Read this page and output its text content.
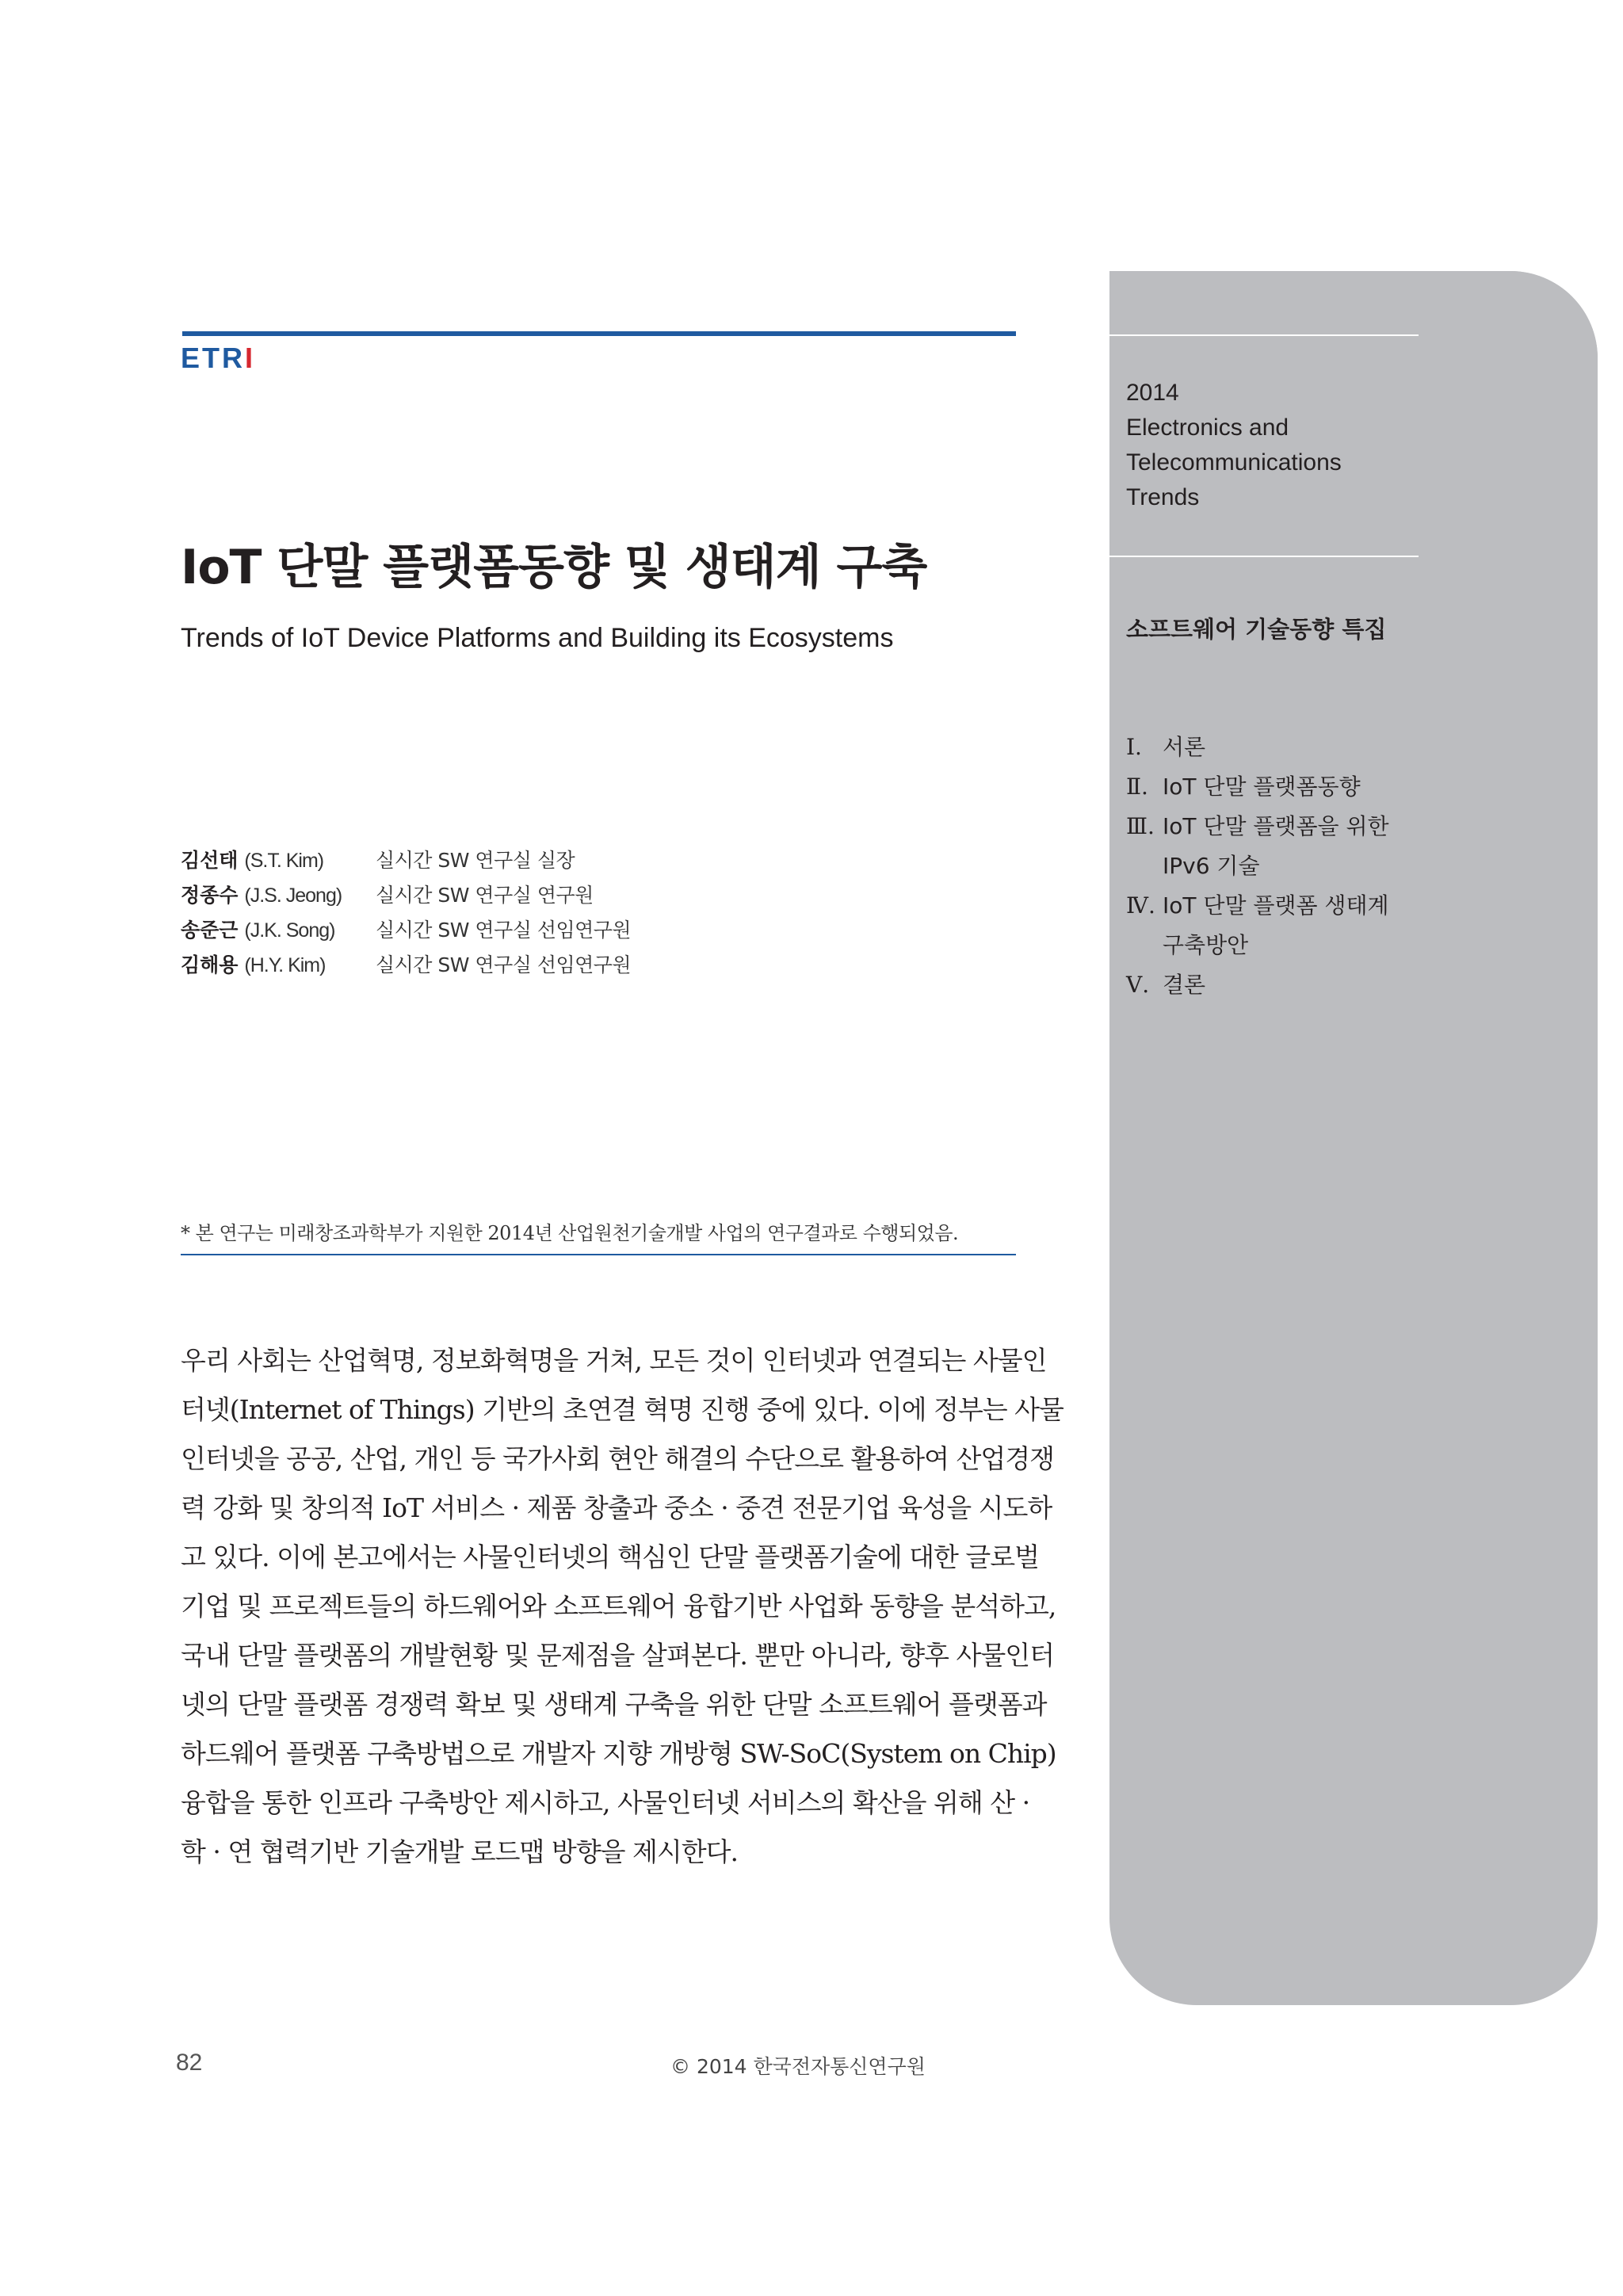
2014
Electronics and
Telecommunications
Trends
소프트웨어 기술동향 특집
Ⅰ. 서론
Ⅱ. IoT 단말 플랫폼동향
Ⅲ. IoT 단말 플랫폼을 위한
IPv6 기술
Ⅳ. IoT 단말 플랫폼 생태계
구축방안
Ⅴ. 결론
ETRI
IoT 단말 플랫폼동향 및 생태계 구축
Trends of IoT Device Platforms and Building its Ecosystems
김선태 (S.T. Kim)	실시간 SW 연구실 실장
정종수 (J.S. Jeong)	실시간 SW 연구실 연구원
송준근 (J.K. Song)	실시간 SW 연구실 선임연구원
김해용 (H.Y. Kim)	실시간 SW 연구실 선임연구원
* 본 연구는 미래창조과학부가 지원한 2014년 산업원천기술개발 사업의 연구결과로 수행되었음.
우리 사회는 산업혁명, 정보화혁명을 거쳐, 모든 것이 인터넷과 연결되는 사물인
터넷(Internet of Things) 기반의 초연결 혁명 진행 중에 있다. 이에 정부는 사물
인터넷을 공공, 산업, 개인 등 국가사회 현안 해결의 수단으로 활용하여 산업경쟁
력 강화 및 창의적 IoT 서비스 · 제품 창출과 중소 · 중견 전문기업 육성을 시도하
고 있다. 이에 본고에서는 사물인터넷의 핵심인 단말 플랫폼기술에 대한 글로벌
기업 및 프로젝트들의 하드웨어와 소프트웨어 융합기반 사업화 동향을 분석하고,
국내 단말 플랫폼의 개발현황 및 문제점을 살펴본다. 뿐만 아니라, 향후 사물인터
넷의 단말 플랫폼 경쟁력 확보 및 생태계 구축을 위한 단말 소프트웨어 플랫폼과
하드웨어 플랫폼 구축방법으로 개발자 지향 개방형 SW-SoC(System on Chip)
융합을 통한 인프라 구축방안 제시하고, 사물인터넷 서비스의 확산을 위해 산 ·
학 · 연 협력기반 기술개발 로드맵 방향을 제시한다.
82	© 2014 한국전자통신연구원
